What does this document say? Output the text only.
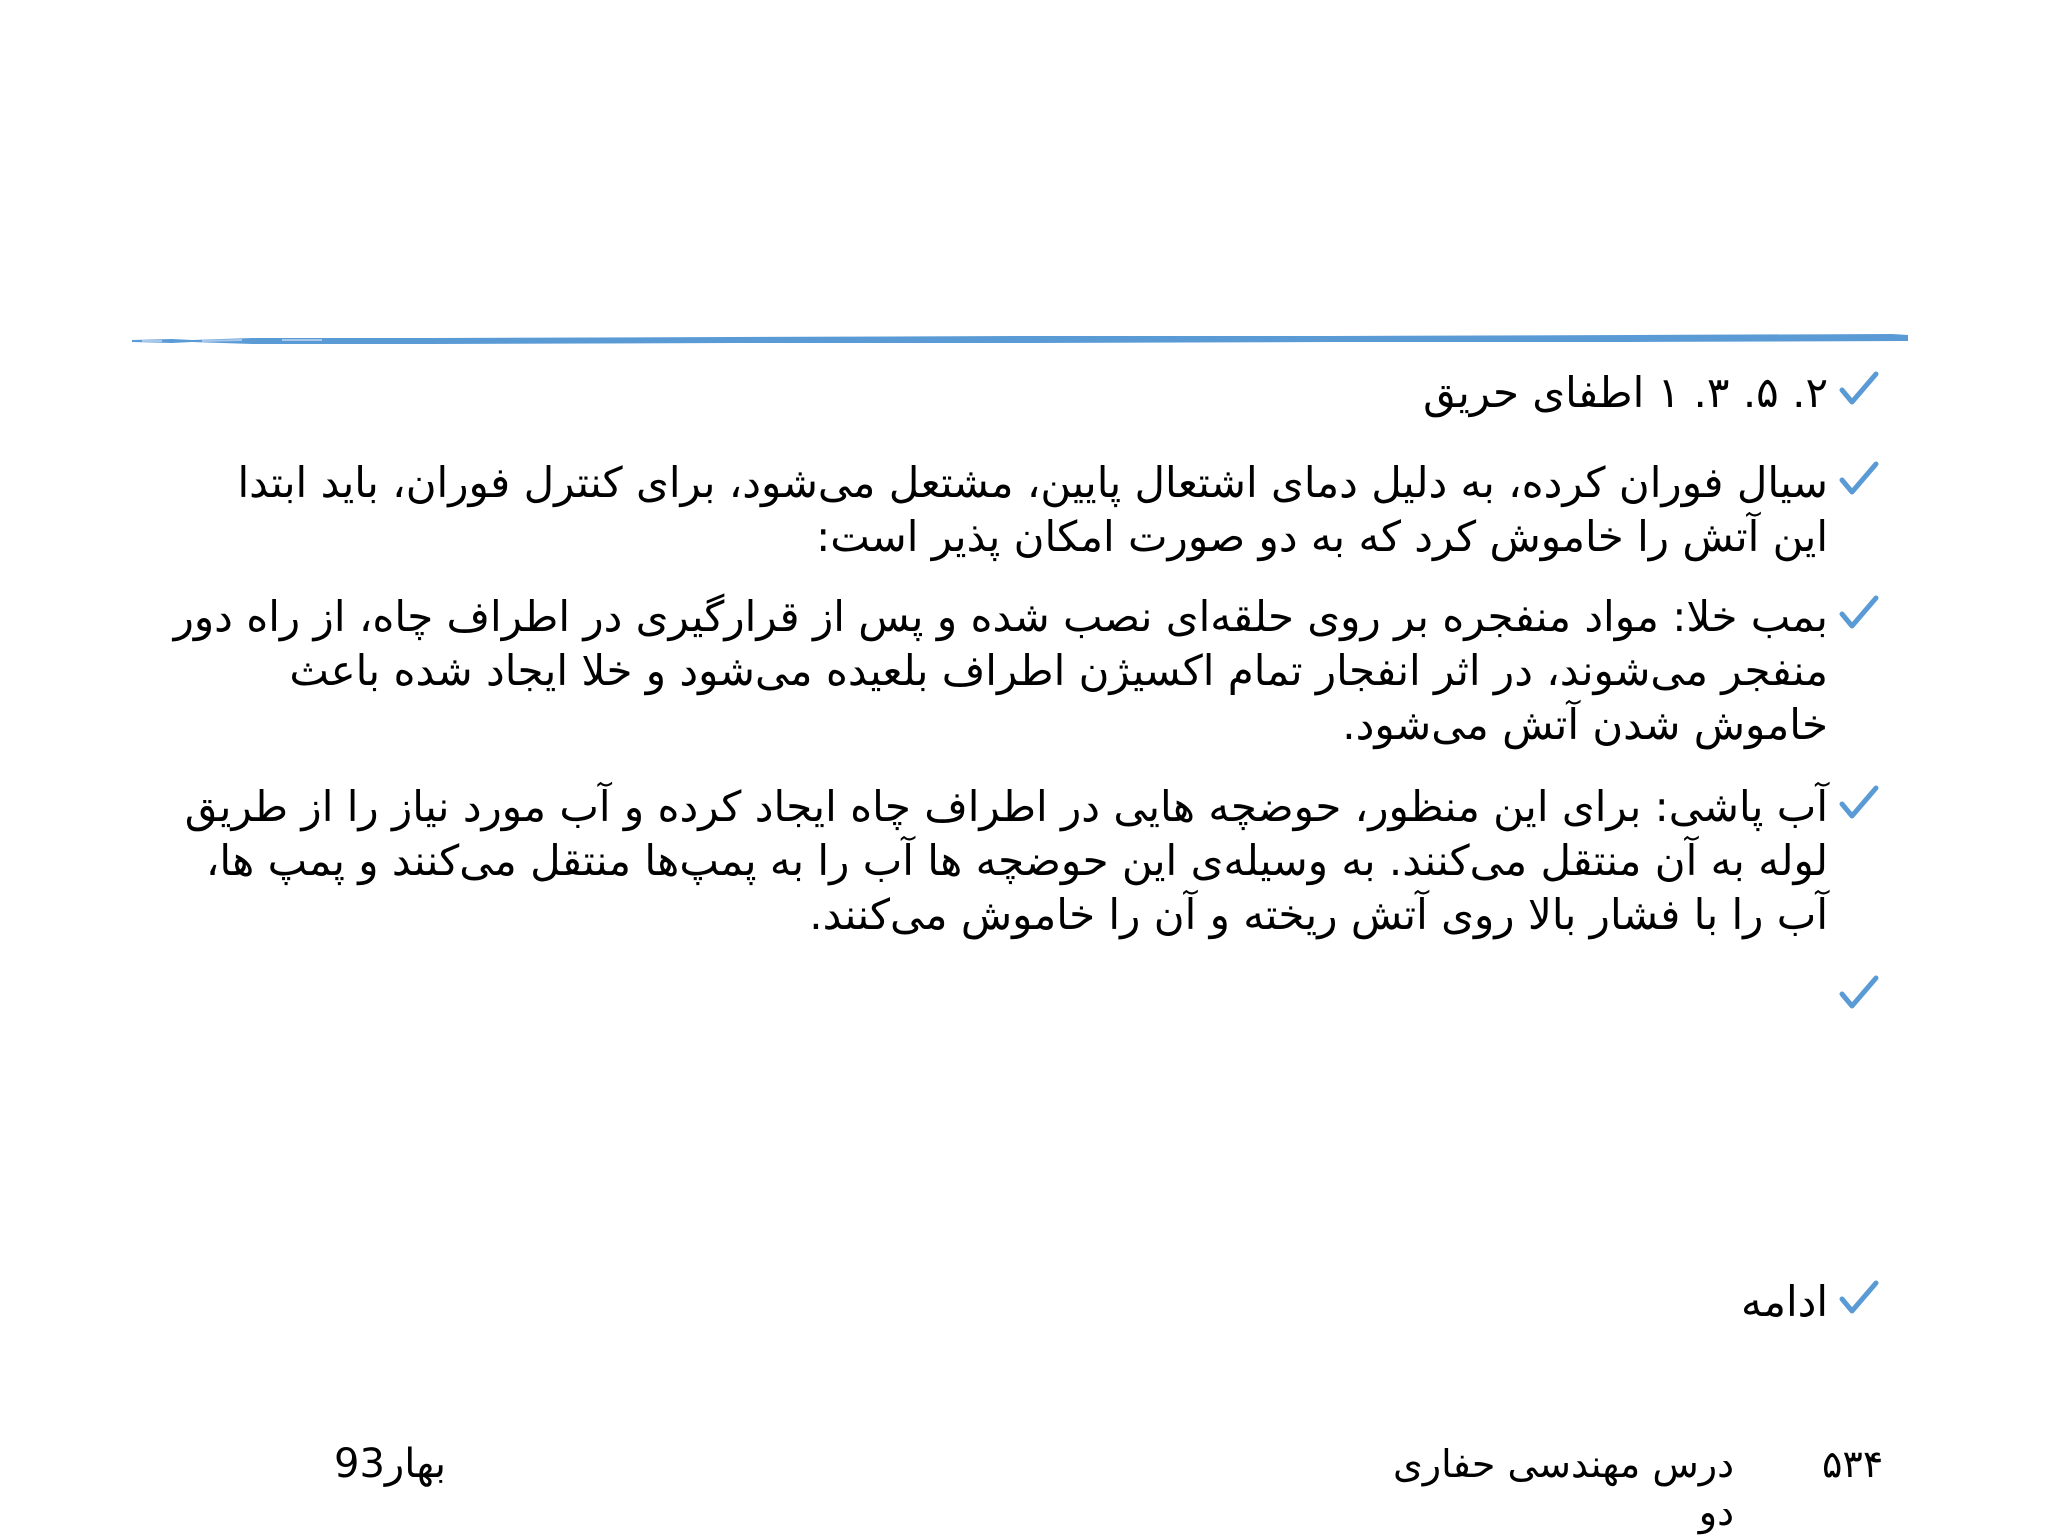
۲. ۵. ۳. ۱ اطفای حریق
سیال فوران کرده، به دلیل دمای اشتعال پایین، مشتعل می‌شود، برای کنترل فوران، باید ابتدا این آتش را خاموش کرد که به دو صورت امکان پذیر است:
بمب خلا: مواد منفجره بر روی حلقه‌ای نصب شده و پس از قرارگیری در اطراف چاه، از راه دور منفجر می‌شوند، در اثر انفجار تمام اکسیژن اطراف بلعیده می‌شود و خلا ایجاد شده باعث خاموش شدن آتش می‌شود.
آب پاشی: برای این منظور، حوضچه هایی در اطراف چاه ایجاد کرده و آب مورد نیاز را از طریق لوله به آن منتقل می‌کنند. به وسیله‌ی این حوضچه ها آب را به پمپ‌ها منتقل می‌کنند و پمپ ها، آب را با فشار بالا روی آتش ریخته و آن را خاموش می‌کنند.
ادامه
۵۳۴
درس مهندسی حفاری دو
بهار93
